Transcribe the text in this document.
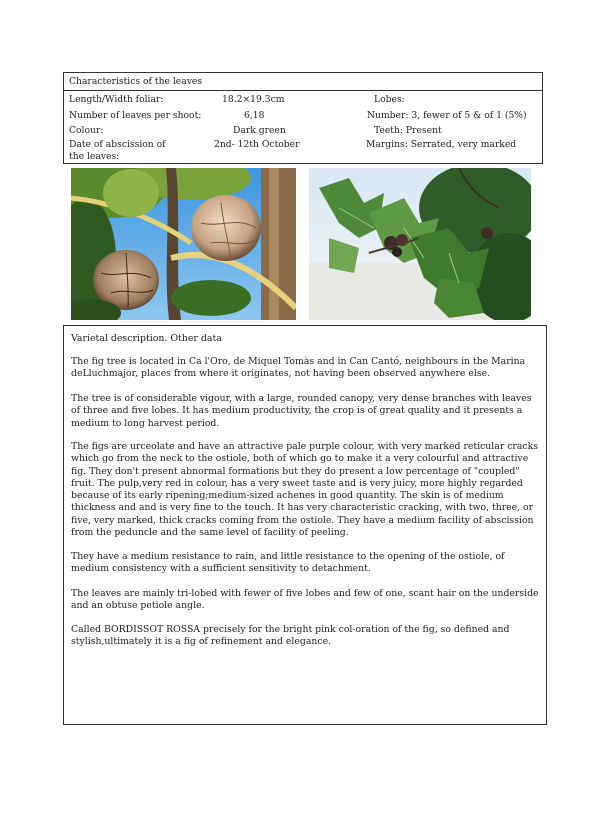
Characteristics of the leaves
Length/Width foliar:	18.2×19.3cm	Lobes:
Number of leaves per shoot:	6,18	Number: 3, fewer of 5 & of 1 (5%)
Colour:	Dark green	Teeth: Present
Date of abscission of
the leaves:
2nd- 12th October	Margins: Serrated, very marked
Varietal description. Other data

The fig tree is located in Ca l'Oro, de Miquel Tomàs and in Can Cantó, neighbours in the Marina deLluchmajor, places from where it originates, not having been observed anywhere else.

The tree is of considerable vigour, with a large, rounded canopy, very dense branches with leaves of three and five lobes. It has medium productivity, the crop is of great quality and it presents a medium to long harvest period.

The figs are urceolate and have an attractive pale purple colour, with very marked reticular cracks which go from the neck to the ostiole, both of which go to make it a very colourful and attractive fig. They don't present abnormal formations but they do present a low percentage of "coupled" fruit. The pulp,very red in colour, has a very sweet taste and is very juicy, more highly regarded because of its early ripening;medium-sized achenes in good quantity. The skin is of medium thickness and and is very fine to the touch. It has very characteristic cracking, with two, three, or five, very marked, thick cracks coming from the ostiole. They have a medium facility of abscission from the peduncle and the same level of facility of peeling.

They have a medium resistance to rain, and little resistance to the opening of the ostiole, of medium consistency with a sufficient sensitivity to detachment.

The leaves are mainly tri-lobed with fewer of five lobes and few of one, scant hair on the underside and an obtuse petiole angle.

Called BORDISSOT ROSSA precisely for the bright pink col-oration of the fig, so defined and stylish,ultimately it is a fig of refinement and elegance.
